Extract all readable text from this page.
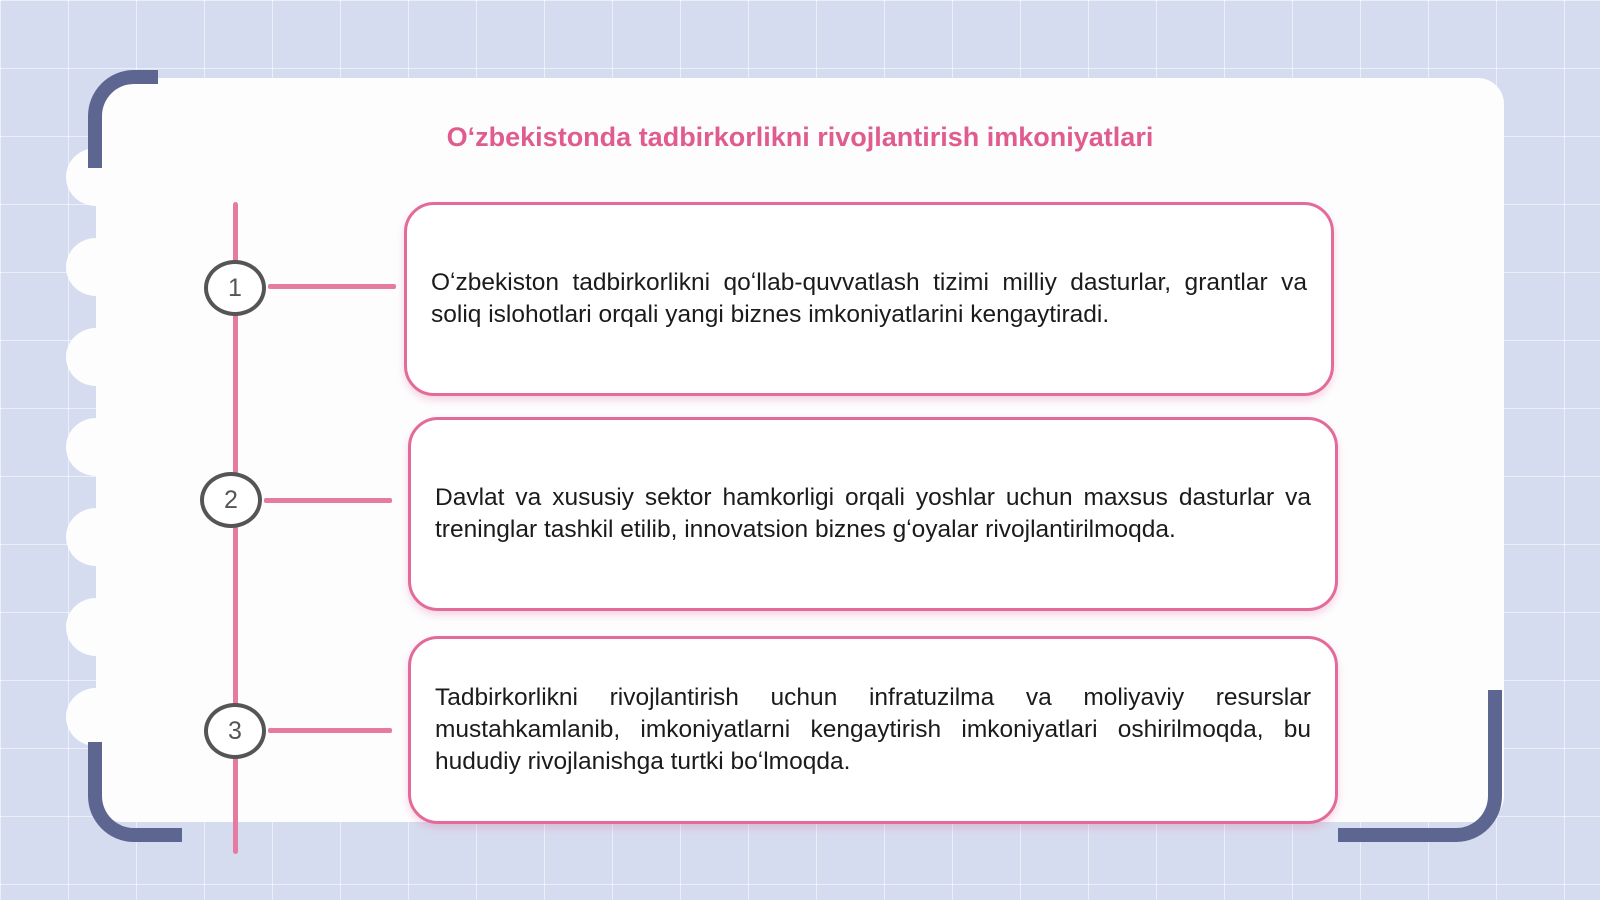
Oʻzbekistonda tadbirkorlikni rivojlantirish imkoniyatlari
1	Oʻzbekiston tadbirkorlikni qoʻllab-quvvatlash tizimi milliy dasturlar, grantlar va soliq islohotlari orqali yangi biznes imkoniyatlarini kengaytiradi.

2	Davlat va xususiy sektor hamkorligi orqali yoshlar uchun maxsus dasturlar va treninglar tashkil etilib, innovatsion biznes gʻoyalar rivojlantirilmoqda.

3

Tadbirkorlikni rivojlantirish uchun infratuzilma va moliyaviy resurslar mustahkamlanib, imkoniyatlarni kengaytirish imkoniyatlari oshirilmoqda, bu hududiy rivojlanishga turtki boʻlmoqda.
